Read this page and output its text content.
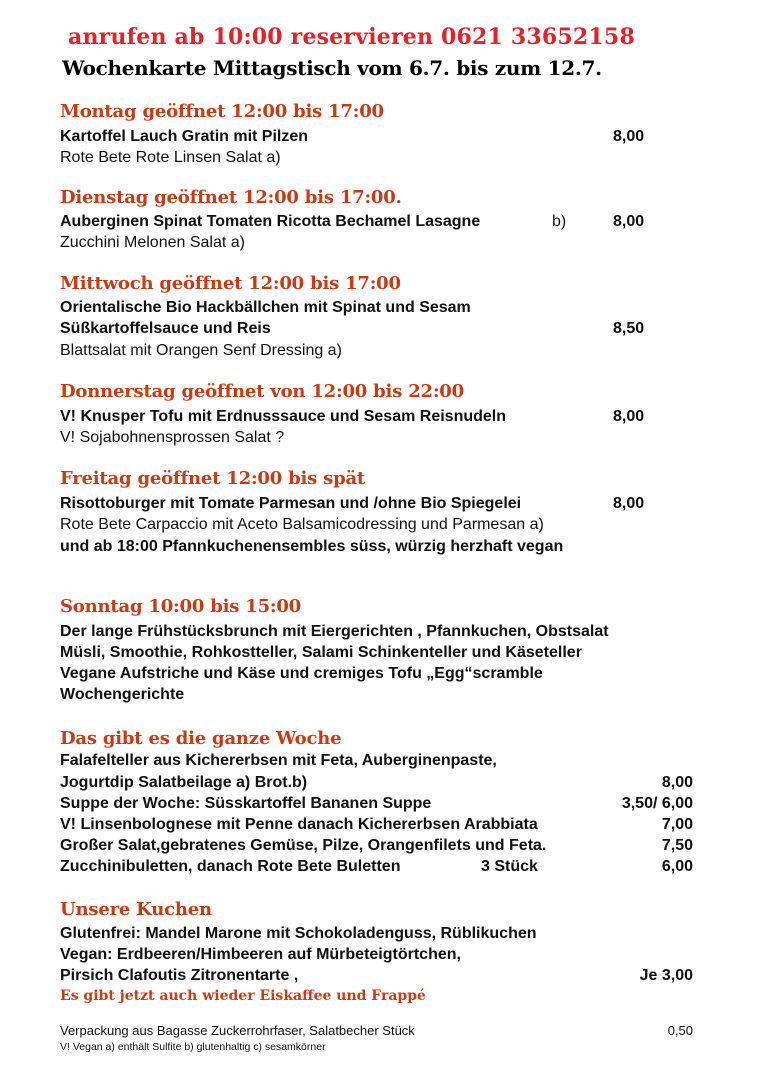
anrufen ab 10:00 reservieren 0621 33652158
Wochenkarte Mittagstisch vom 6.7. bis zum 12.7.
Montag geöffnet 12:00 bis 17:00
Kartoffel Lauch Gratin mit Pilzen	8,00
Rote Bete Rote Linsen Salat a)
Dienstag geöffnet 12:00 bis 17:00.
Auberginen Spinat Tomaten Ricotta Bechamel Lasagne	b)	8,00
Zucchini Melonen Salat a)
Mittwoch geöffnet 12:00 bis 17:00
Orientalische Bio Hackbällchen mit Spinat und Sesam
Süßkartoffelsauce und Reis	8,50
Blattsalat mit Orangen Senf Dressing a)
Donnerstag geöffnet von 12:00 bis 22:00
V! Knusper Tofu mit Erdnusssauce und Sesam Reisnudeln	8,00
V! Sojabohnensprossen Salat ?
Freitag geöffnet 12:00 bis spät
Risottoburger mit Tomate Parmesan und /ohne Bio Spiegelei	8,00
Rote Bete Carpaccio mit Aceto Balsamicodressing und Parmesan a)
und ab 18:00 Pfannkuchenensembles süss, würzig herzhaft vegan
Sonntag 10:00 bis 15:00
Der lange Frühstücksbrunch mit Eiergerichten , Pfannkuchen, Obstsalat
Müsli, Smoothie, Rohkostteller, Salami Schinkenteller und Käseteller
Vegane Aufstriche und Käse und cremiges Tofu „Egg“scramble
Wochengerichte
Das gibt es die ganze Woche
Falafelteller aus Kichererbsen mit Feta, Auberginenpaste,
Jogurtdip Salatbeilage a) Brot.b)	8,00
Suppe der Woche: Süsskartoffel Bananen Suppe	3,50/ 6,00
V! Linsenbolognese mit Penne danach Kichererbsen Arabbiata	7,00
Großer Salat,gebratenes Gemüse, Pilze, Orangenfilets und Feta.	7,50
Zucchinibuletten, danach Rote Bete Buletten	3 Stück	6,00
Unsere Kuchen
Glutenfrei: Mandel Marone mit Schokoladenguss, Rüblikuchen
Vegan: Erdbeeren/Himbeeren auf Mürbeteigtörtchen,
Pirsich Clafoutis Zitronentarte ,	Je 3,00
Es gibt jetzt auch wieder Eiskaffee und Frappé
Verpackung aus Bagasse Zuckerrohrfaser, Salatbecher Stück	0,50
V! Vegan a) enthält Sulfite b) glutenhaltig c) sesamkörner
